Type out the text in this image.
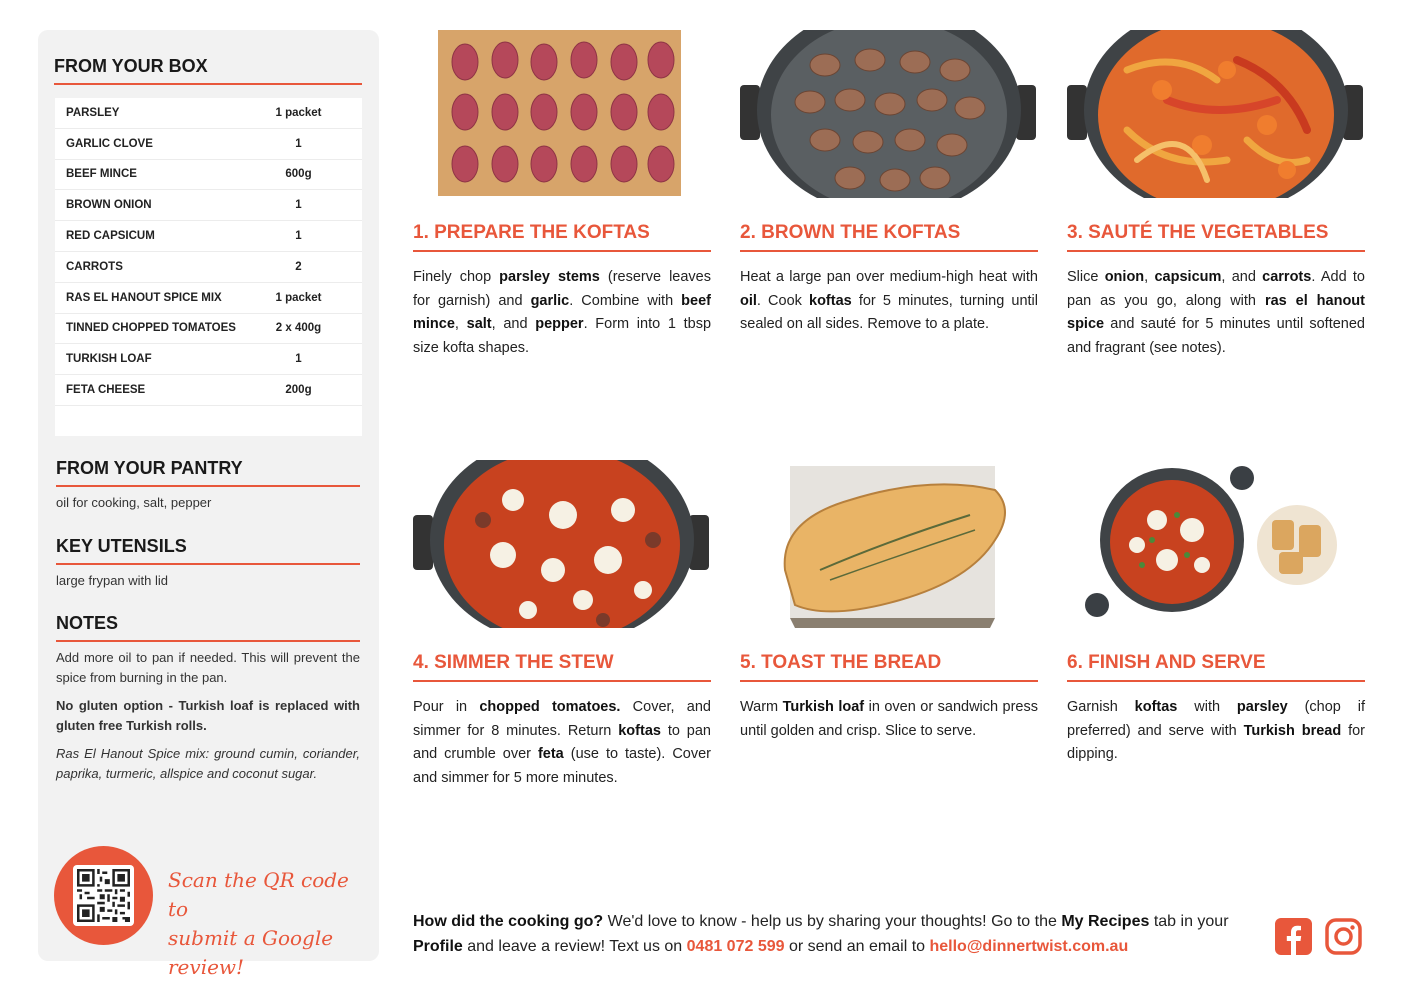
FROM YOUR BOX
PARSLEY	1 packet
GARLIC CLOVE	1
BEEF MINCE	600g
BROWN ONION	1
RED CAPSICUM	1
CARROTS	2
RAS EL HANOUT SPICE MIX	1 packet
TINNED CHOPPED TOMATOES	2 x 400g
TURKISH LOAF	1
FETA CHEESE	200g
FROM YOUR PANTRY
oil for cooking, salt, pepper
KEY UTENSILS
large frypan with lid
NOTES

Add more oil to pan if needed. This will prevent the spice from burning in the pan.

No gluten option - Turkish loaf is replaced with gluten free Turkish rolls.

Ras El Hanout Spice mix: ground cumin, coriander, paprika, turmeric, allspice and coconut sugar.

Scan the QR code to
submit a Google review!
1. PREPARE THE KOFTAS
Finely chop parsley stems (reserve leaves for garnish) and garlic. Combine with beef mince, salt, and pepper. Form into 1 tbsp size kofta shapes.
2. BROWN THE KOFTAS
Heat a large pan over medium-high heat with oil. Cook koftas for 5 minutes, turning until sealed on all sides. Remove to a plate.
3. SAUTÉ THE VEGETABLES
Slice onion, capsicum, and carrots. Add to pan as you go, along with ras el hanout spice and sauté for 5 minutes until softened and fragrant (see notes).
4. SIMMER THE STEW
Pour in chopped tomatoes. Cover, and simmer for 8 minutes. Return koftas to pan and crumble over feta (use to taste). Cover and simmer for 5 more minutes.
5. TOAST THE BREAD
Warm Turkish loaf in oven or sandwich press until golden and crisp. Slice to serve.
6. FINISH AND SERVE
Garnish koftas with parsley (chop if preferred) and serve with Turkish bread for dipping.
How did the cooking go? We'd love to know - help us by sharing your thoughts! Go to the My Recipes tab in your Profile and leave a review! Text us on 0481 072 599 or send an email to hello@dinnertwist.com.au
